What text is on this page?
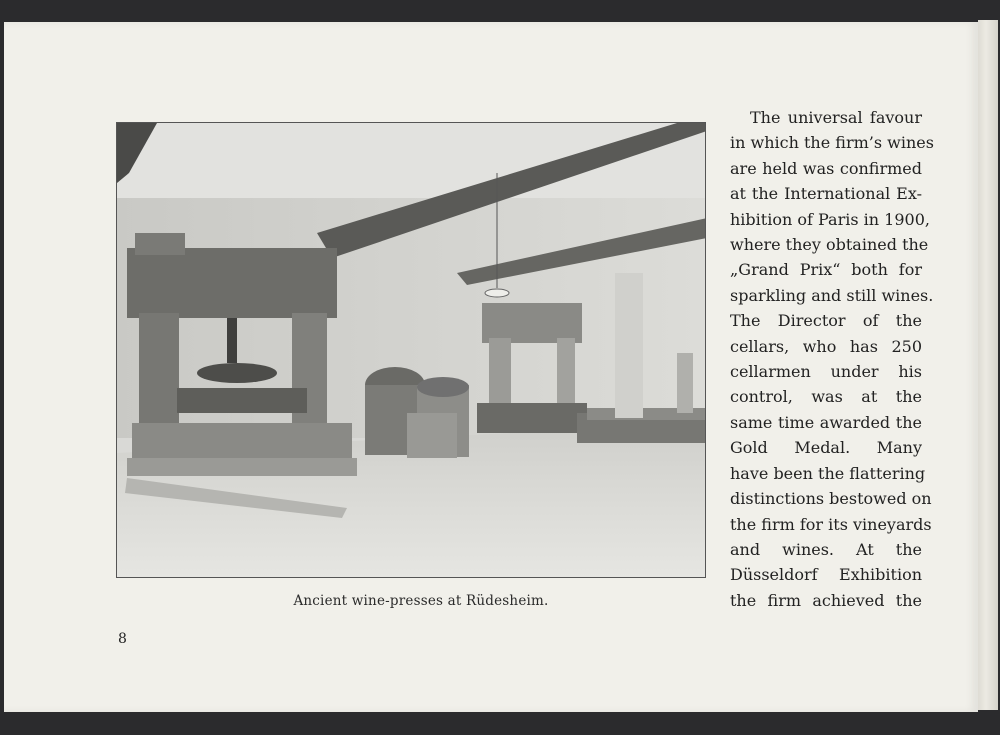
Ancient wine-presses at Rüdesheim.
The universal favour
in which the firm’s wines
are held was confirmed
at the International Ex-
hibition of Paris in 1900,
where they obtained the
„Grand Prix“ both for
sparkling and still wines.
The Director of the
cellars, who has 250
cellarmen under his
control, was at the
same time awarded the
Gold Medal. Many
have been the flattering
distinctions bestowed on
the firm for its vineyards
and wines. At the
Düsseldorf Exhibition
the firm achieved the
8
